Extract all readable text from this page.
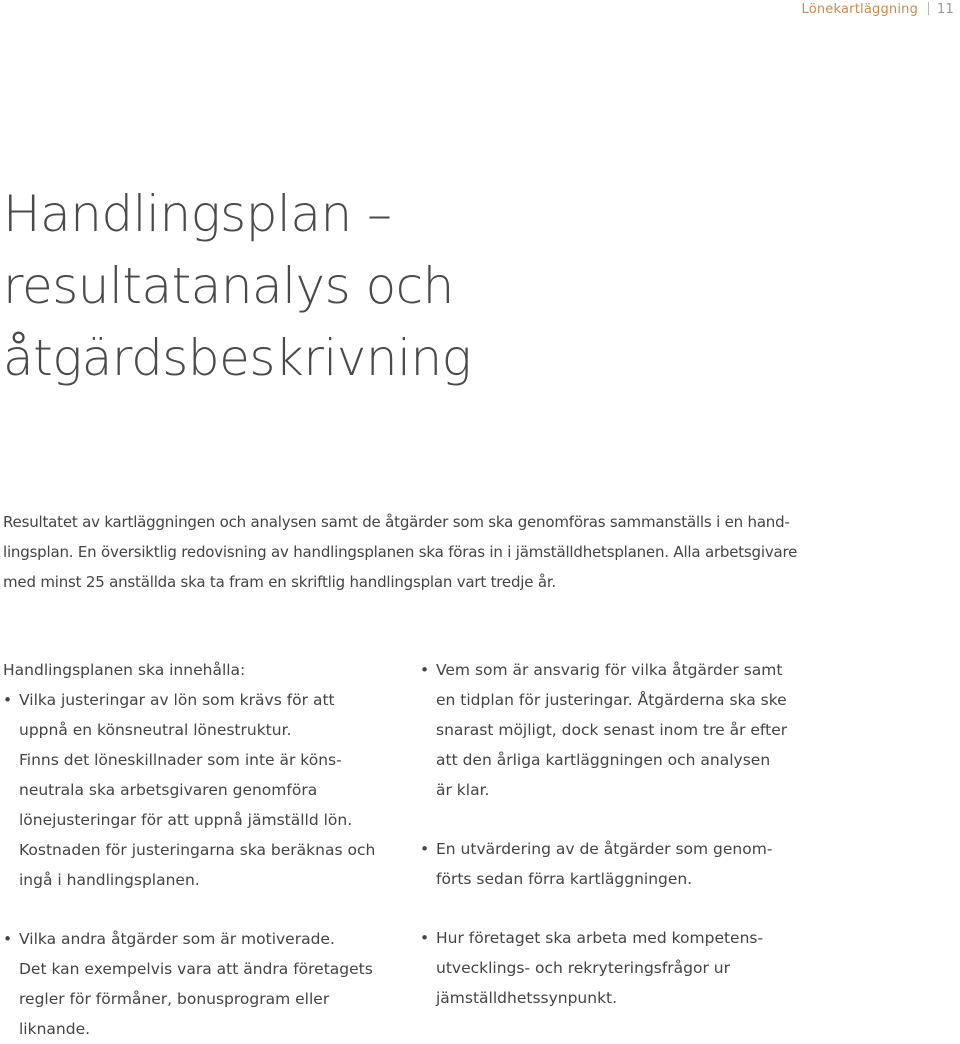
Lönekartläggning 11
Handlingsplan –
resultatanalys och
åtgärdsbeskrivning

Resultatet av kartläggningen och analysen samt de åtgärder som ska genomföras sammanställs i en hand-
lingsplan. En översiktlig redovisning av handlingsplanen ska föras in i jämställdhetsplanen. Alla arbetsgivare
med minst 25 anställda ska ta fram en skriftlig handlingsplan vart tredje år.

Handlingsplanen ska innehålla:
• Vilka justeringar av lön som krävs för att
uppnå en könsneutral lönestruktur.
Finns det löneskillnader som inte är köns-
neutrala ska arbetsgivaren genomföra
lönejusteringar för att uppnå jämställd lön.
Kostnaden för justeringarna ska beräknas och
ingå i handlingsplanen.
• Vilka andra åtgärder som är motiverade.
Det kan exempelvis vara att ändra företagets
regler för förmåner, bonusprogram eller
liknande.
• Vem som är ansvarig för vilka åtgärder samt
en tidplan för justeringar. Åtgärderna ska ske
snarast möjligt, dock senast inom tre år efter
att den årliga kartläggningen och analysen
är klar.
• En utvärdering av de åtgärder som genom-
förts sedan förra kartläggningen.
• Hur företaget ska arbeta med kompetens-
utvecklings- och rekryteringsfrågor ur
jämställdhetssynpunkt.
